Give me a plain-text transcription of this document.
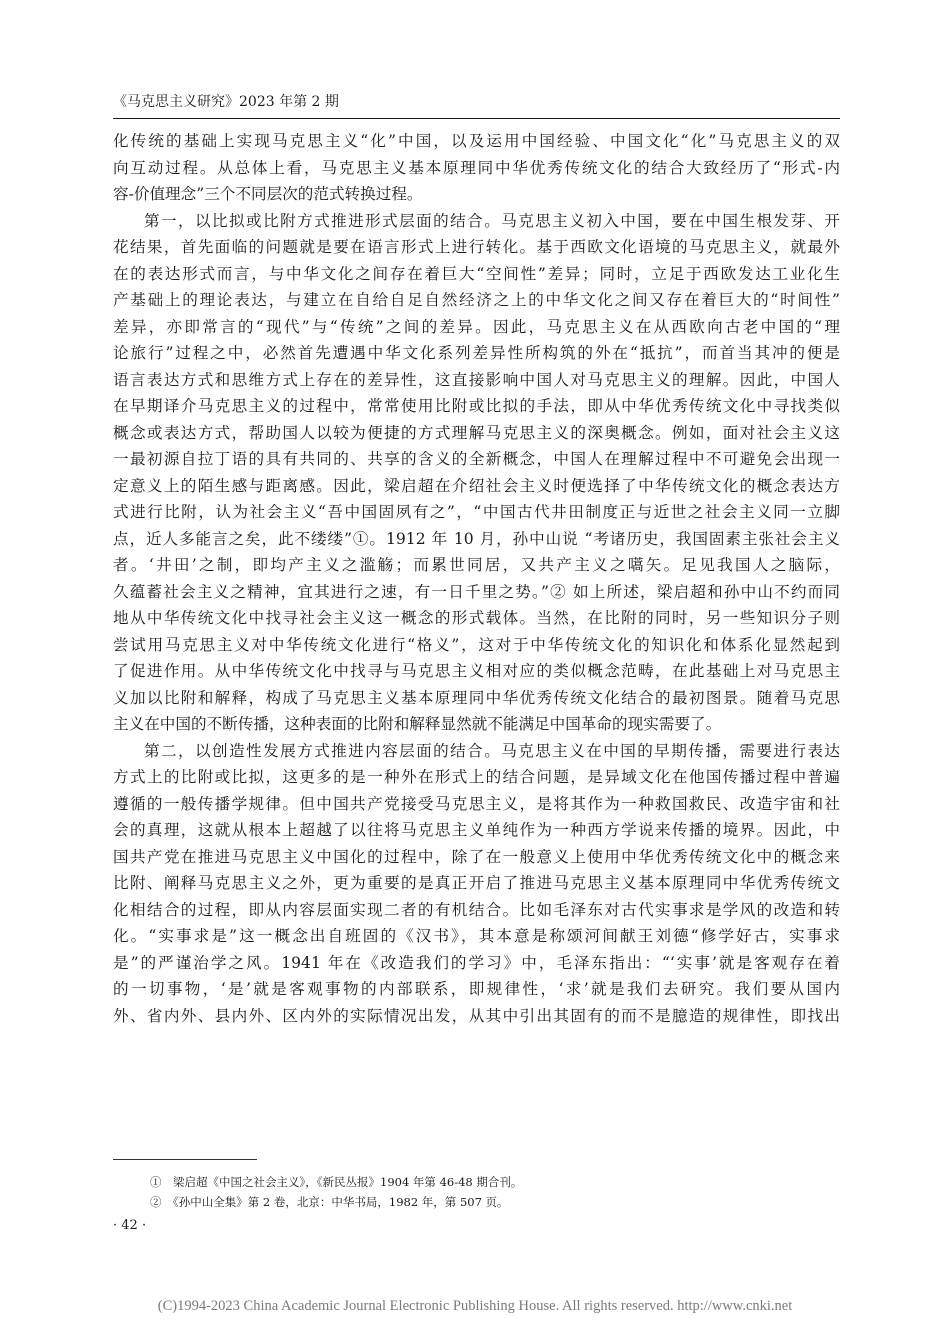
《马克思主义研究》2023 年第 2 期
化传统的基础上实现马克思主义“化”中国，以及运用中国经验、中国文化“化”马克思主义的双
向互动过程。从总体上看，马克思主义基本原理同中华优秀传统文化的结合大致经历了“形式-内
容-价值理念”三个不同层次的范式转换过程。
第一，以比拟或比附方式推进形式层面的结合。马克思主义初入中国，要在中国生根发芽、开
花结果，首先面临的问题就是要在语言形式上进行转化。基于西欧文化语境的马克思主义，就最外
在的表达形式而言，与中华文化之间存在着巨大“空间性”差异；同时，立足于西欧发达工业化生
产基础上的理论表达，与建立在自给自足自然经济之上的中华文化之间又存在着巨大的“时间性”
差异，亦即常言的“现代”与“传统”之间的差异。因此，马克思主义在从西欧向古老中国的“理
论旅行”过程之中，必然首先遭遇中华文化系列差异性所构筑的外在“抵抗”，而首当其冲的便是
语言表达方式和思维方式上存在的差异性，这直接影响中国人对马克思主义的理解。因此，中国人
在早期译介马克思主义的过程中，常常使用比附或比拟的手法，即从中华优秀传统文化中寻找类似
概念或表达方式，帮助国人以较为便捷的方式理解马克思主义的深奥概念。例如，面对社会主义这
一最初源自拉丁语的具有共同的、共享的含义的全新概念，中国人在理解过程中不可避免会出现一
定意义上的陌生感与距离感。因此，梁启超在介绍社会主义时便选择了中华传统文化的概念表达方
式进行比附，认为社会主义“吾中国固夙有之”，“中国古代井田制度正与近世之社会主义同一立脚
点，近人多能言之矣，此不缕缕”①。1912 年 10 月，孙中山说 “考诸历史，我国固素主张社会主义
者。‘井田’之制，即均产主义之滥觞；而累世同居，又共产主义之嚆矢。足见我国人之脑际，
久蕴蓄社会主义之精神，宜其进行之速，有一日千里之势。”② 如上所述，梁启超和孙中山不约而同
地从中华传统文化中找寻社会主义这一概念的形式载体。当然，在比附的同时，另一些知识分子则
尝试用马克思主义对中华传统文化进行“格义”，这对于中华传统文化的知识化和体系化显然起到
了促进作用。从中华传统文化中找寻与马克思主义相对应的类似概念范畴，在此基础上对马克思主
义加以比附和解释，构成了马克思主义基本原理同中华优秀传统文化结合的最初图景。随着马克思
主义在中国的不断传播，这种表面的比附和解释显然就不能满足中国革命的现实需要了。
第二，以创造性发展方式推进内容层面的结合。马克思主义在中国的早期传播，需要进行表达
方式上的比附或比拟，这更多的是一种外在形式上的结合问题，是异域文化在他国传播过程中普遍
遵循的一般传播学规律。但中国共产党接受马克思主义，是将其作为一种救国救民、改造宇宙和社
会的真理，这就从根本上超越了以往将马克思主义单纯作为一种西方学说来传播的境界。因此，中
国共产党在推进马克思主义中国化的过程中，除了在一般意义上使用中华优秀传统文化中的概念来
比附、阐释马克思主义之外，更为重要的是真正开启了推进马克思主义基本原理同中华优秀传统文
化相结合的过程，即从内容层面实现二者的有机结合。比如毛泽东对古代实事求是学风的改造和转
化。“实事求是”这一概念出自班固的《汉书》，其本意是称颂河间献王刘德“修学好古，实事求
是”的严谨治学之风。1941 年在《改造我们的学习》中，毛泽东指出：“‘实事’就是客观存在着
的一切事物，‘是’就是客观事物的内部联系，即规律性，‘求’就是我们去研究。我们要从国内
外、省内外、县内外、区内外的实际情况出发，从其中引出其固有的而不是臆造的规律性，即找出
①　梁启超《中国之社会主义》，《新民丛报》1904 年第 46-48 期合刊。
②　《孙中山全集》第 2 卷，北京：中华书局，1982 年，第 507 页。
· 42 ·
(C)1994-2023 China Academic Journal Electronic Publishing House. All rights reserved. http://www.cnki.net
